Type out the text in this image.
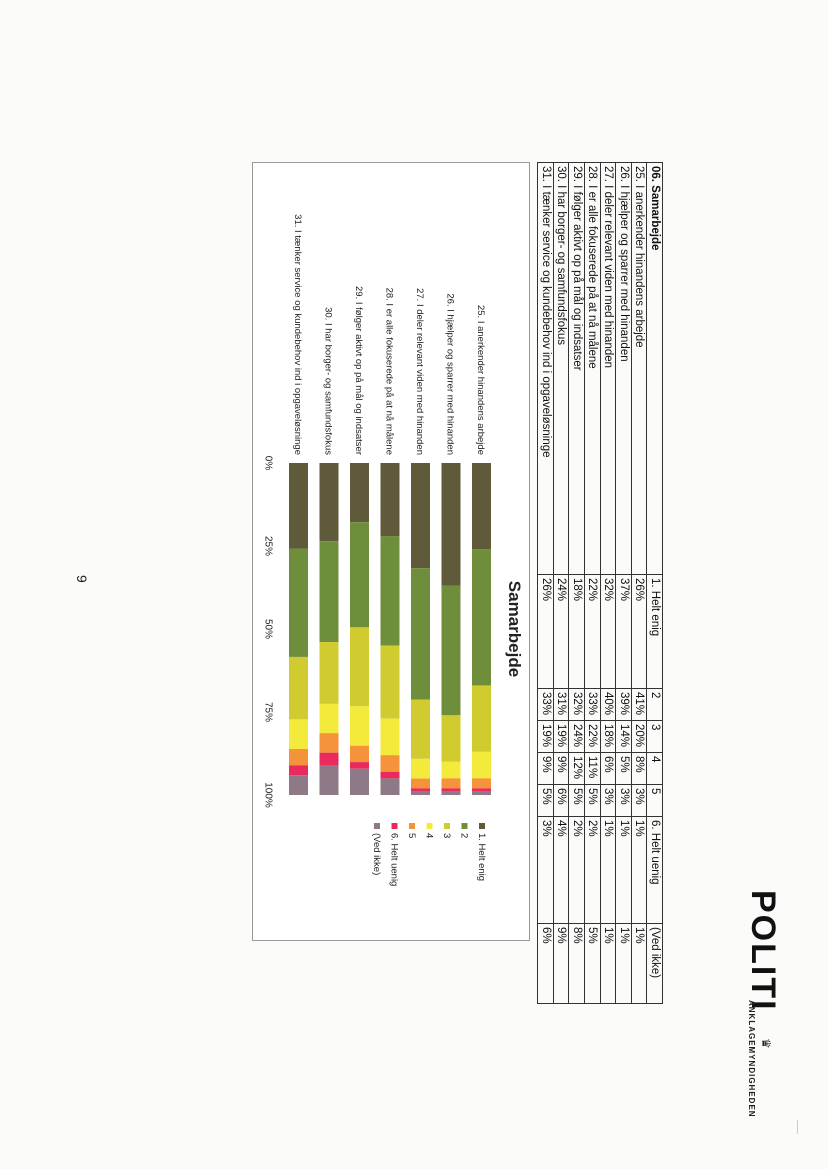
POLITI
♛
ANKLAGEMYNDIGHEDEN
06. Samarbejde	1. Helt enig	2	3	4	5	6. Helt uenig	(Ved ikke)
25. I anerkender hinandens arbejde	26%	41%	20%	8%	3%	1%	1%
26. I hjælper og sparrer med hinanden	37%	39%	14%	5%	3%	1%	1%
27. I deler relevant viden med hinanden	32%	40%	18%	6%	3%	1%	1%
28. I er alle fokuserede på at nå målene	22%	33%	22%	11%	5%	2%	5%
29. I følger aktivt op på mål og indsatser	18%	32%	24%	12%	5%	2%	8%
30. I har borger- og samfundsfokus	24%	31%	19%	9%	6%	4%	9%
31. I tænker service og kundebehov ind i opgaveløsninge	26%	33%	19%	9%	5%	3%	6%
Samarbejde
25. I anerkender hinandens arbejde
26. I hjælper og sparrer med hinanden
27. I deler relevant viden med hinanden
28. I er alle fokuserede på at nå målene
29. I følger aktivt op på mål og indsatser
30. I har borger- og samfundsfokus
31. I tænker service og kundebehov ind i opgaveløsninge
0%
25%
50%
75%
100%
1. Helt enig
2
3
4
5
6. Helt uenig
(Ved ikke)
9
